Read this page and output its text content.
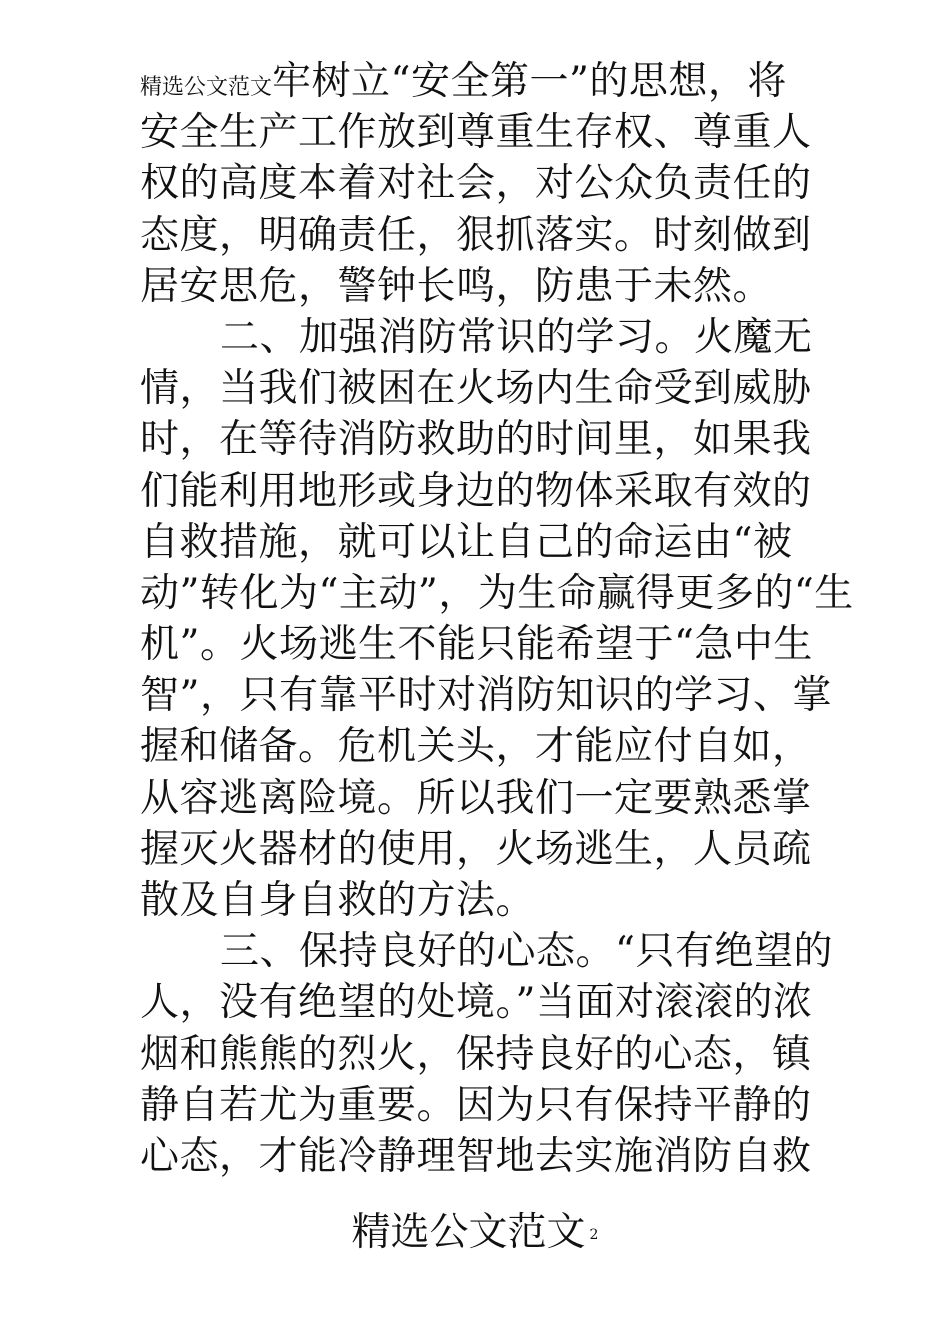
精选公文范文牢树立“安全第一”的思想，将
安全生产工作放到尊重生存权、尊重人
权的高度本着对社会，对公众负责任的
态度，明确责任，狠抓落实。时刻做到
居安思危，警钟长鸣，防患于未然。
二、加强消防常识的学习。火魔无
情，当我们被困在火场内生命受到威胁
时，在等待消防救助的时间里，如果我
们能利用地形或身边的物体采取有效的
自救措施，就可以让自己的命运由“被
动”转化为“主动”，为生命赢得更多的“生
机”。火场逃生不能只能希望于“急中生
智”，只有靠平时对消防知识的学习、掌
握和储备。危机关头，才能应付自如，
从容逃离险境。所以我们一定要熟悉掌
握灭火器材的使用，火场逃生，人员疏
散及自身自救的方法。
三、保持良好的心态。“只有绝望的
人，没有绝望的处境。”当面对滚滚的浓
烟和熊熊的烈火，保持良好的心态，镇
静自若尤为重要。因为只有保持平静的
心态，才能冷静理智地去实施消防自救
精选公文范文 2
